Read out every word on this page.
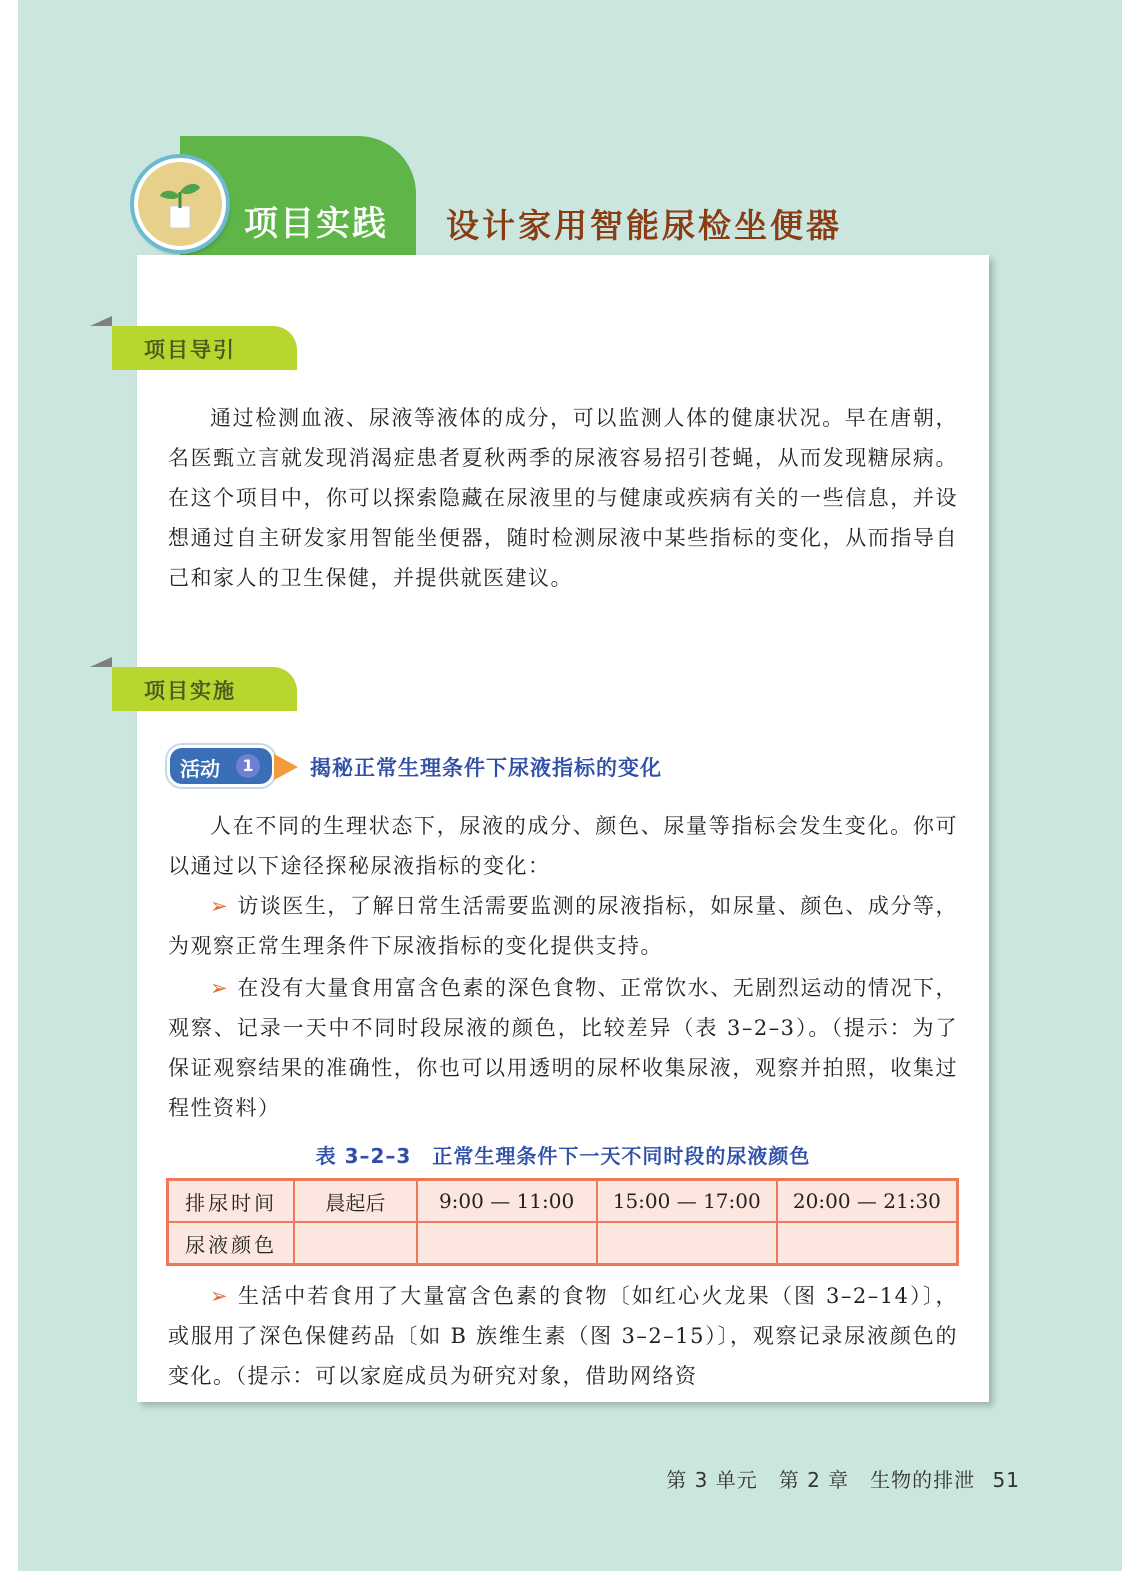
项目实践 设计家用智能尿检坐便器
项目导引

通过检测血液、尿液等液体的成分，可以监测人体的健康状况。早在唐朝，名医甄立言就发现消渴症患者夏秋两季的尿液容易招引苍蝇，从而发现糖尿病。在这个项目中，你可以探索隐藏在尿液里的与健康或疾病有关的一些信息，并设想通过自主研发家用智能坐便器，随时检测尿液中某些指标的变化，从而指导自己和家人的卫生保健，并提供就医建议。

项目实施
活动	1	揭秘正常生理条件下尿液指标的变化

人在不同的生理状态下，尿液的成分、颜色、尿量等指标会发生变化。你可以通过以下途径探秘尿液指标的变化：

➢ 访谈医生，了解日常生活需要监测的尿液指标，如尿量、颜色、成分等，为观察正常生理条件下尿液指标的变化提供支持。

➢ 在没有大量食用富含色素的深色食物、正常饮水、无剧烈运动的情况下，观察、记录一天中不同时段尿液的颜色，比较差异（表 3–2–3）。（提示：为了保证观察结果的准确性，你也可以用透明的尿杯收集尿液，观察并拍照，收集过程性资料）

表 3–2–3　正常生理条件下一天不同时段的尿液颜色
排尿时间	晨起后	9:00 — 11:00	15:00 — 17:00	20:00 — 21:30
尿液颜色				

➢ 生活中若食用了大量富含色素的食物〔如红心火龙果（图 3–2–14）〕，或服用了深色保健药品〔如 B 族维生素（图 3–2–15）〕，观察记录尿液颜色的变化。（提示：可以家庭成员为研究对象，借助网络资

第 3 单元　第 2 章　生物的排泄 51
